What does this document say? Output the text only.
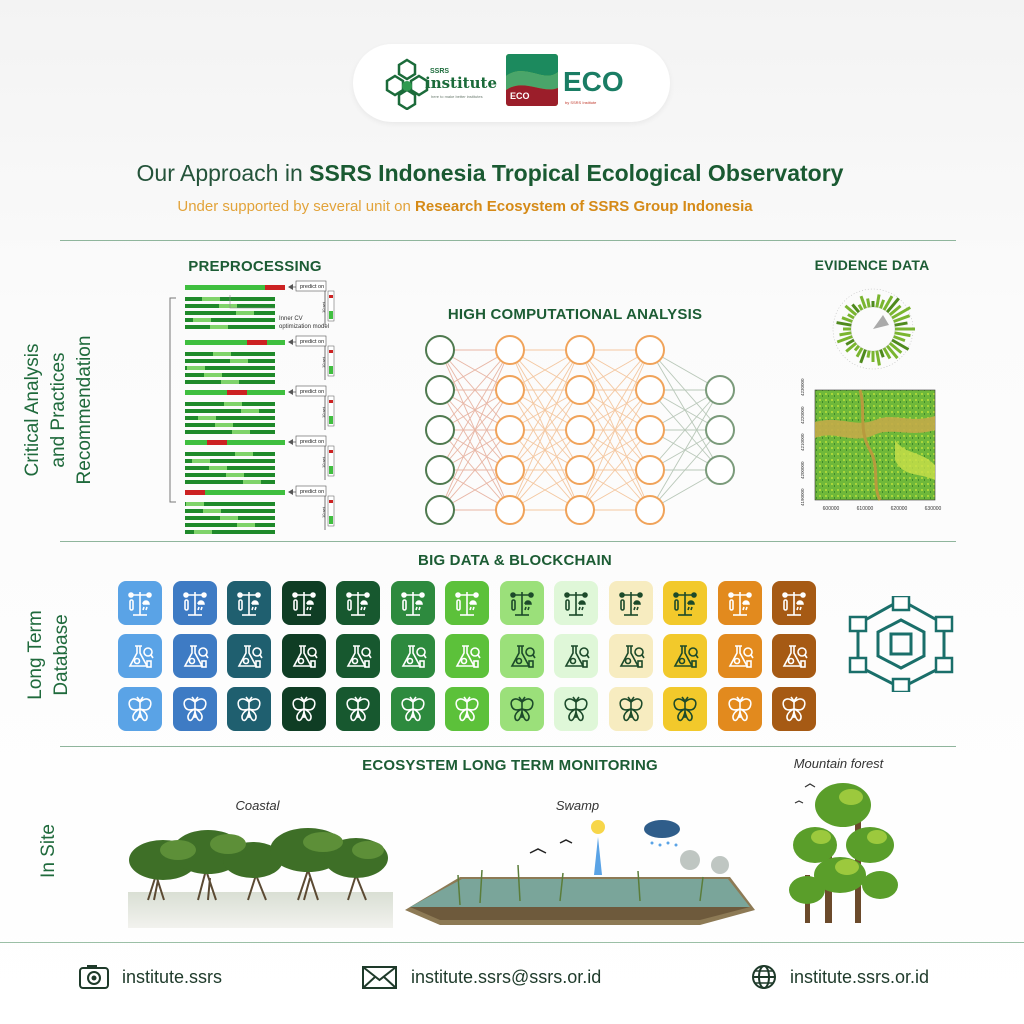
SSRS
institute
here to make better institutes	ECO ECO
by SSRS Institute
Our Approach in SSRS Indonesia Tropical Ecological Observatory
Under supported by several unit on Research Ecosystem of SSRS Group Indonesia
Critical Analysis and Practices Recommendation
Long Term Database
In Site
PREPROCESSING
predict on
10 set
predict on
10 set
predict on
10 set
predict on
10 set
predict on
10 set
Inner CV
optimization model
HIGH COMPUTATIONAL ANALYSIS
EVIDENCE DATA
4230000
4220000
4210000
4200000
4190000
600000	610000	620000	630000
BIG DATA & BLOCKCHAIN
ECOSYSTEM LONG TERM MONITORING
Coastal	Swamp
Mountain forest
institute.ssrs	institute.ssrs@ssrs.or.id	institute.ssrs.or.id
